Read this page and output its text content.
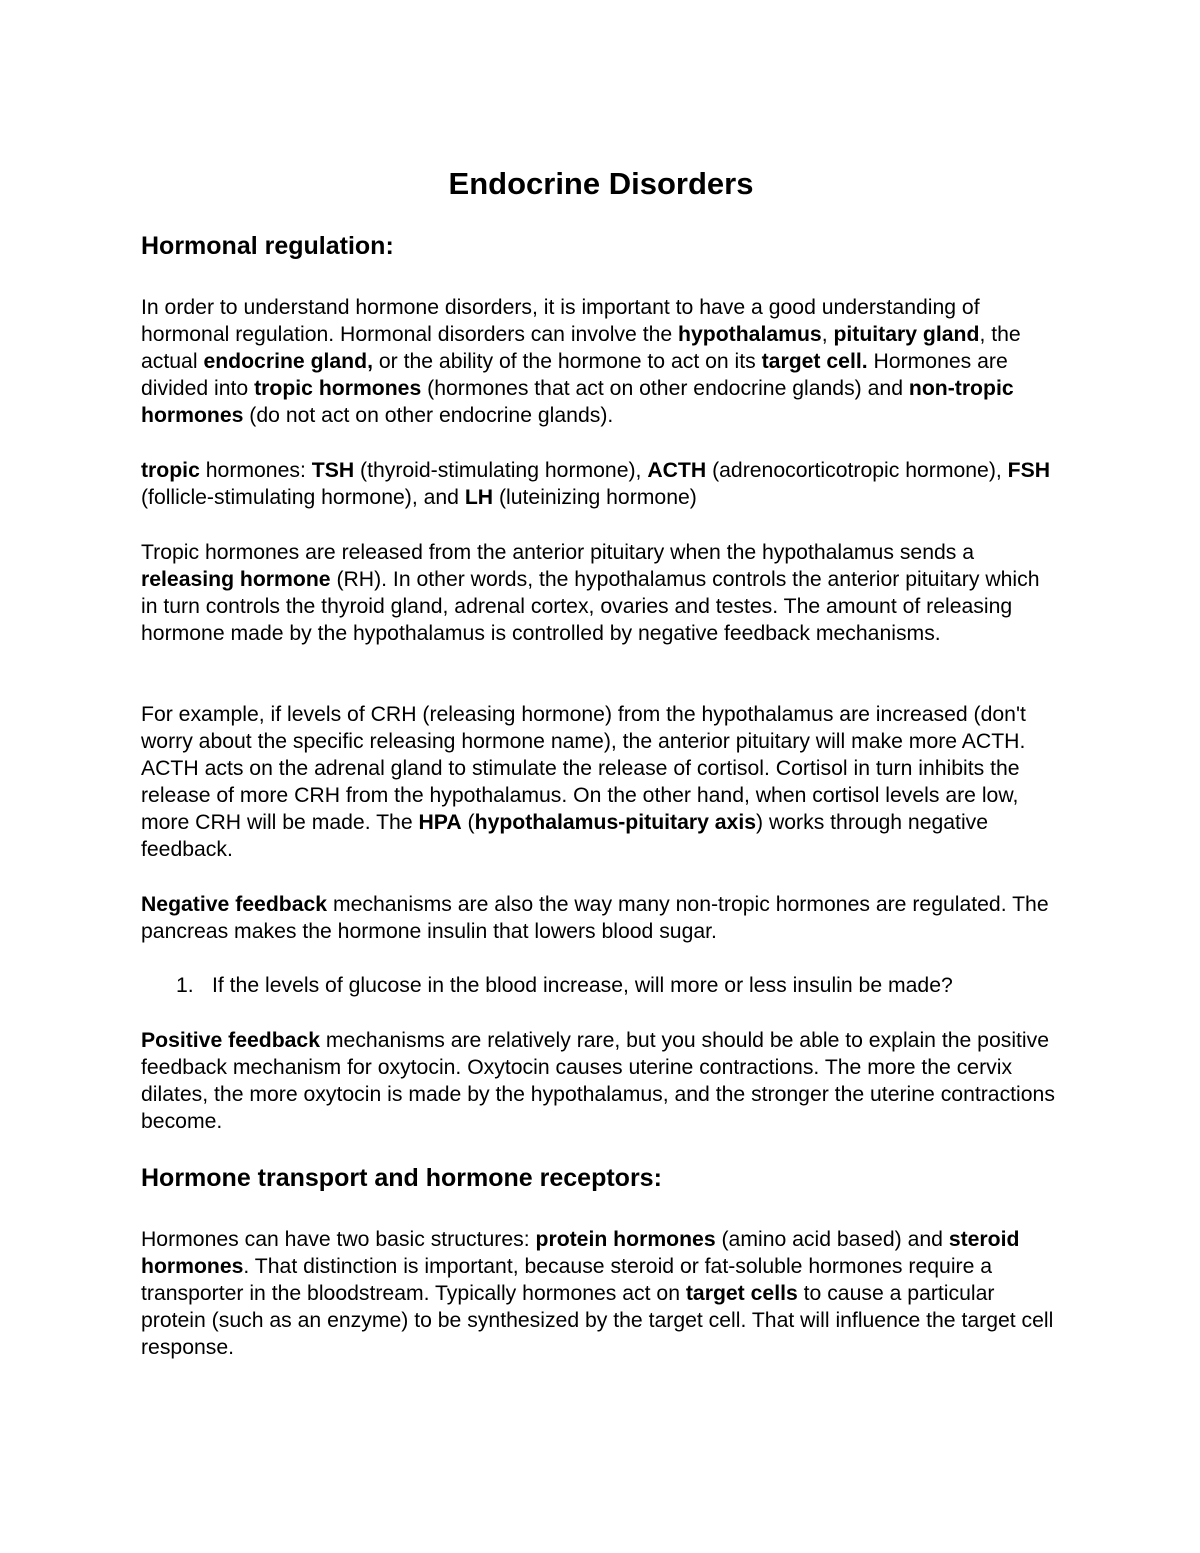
Endocrine Disorders
Hormonal regulation:

In order to understand hormone disorders, it is important to have a good understanding of hormonal regulation. Hormonal disorders can involve the hypothalamus, pituitary gland, the actual endocrine gland, or the ability of the hormone to act on its target cell. Hormones are divided into tropic hormones (hormones that act on other endocrine glands) and non-tropic hormones (do not act on other endocrine glands).

tropic hormones: TSH (thyroid-stimulating hormone), ACTH (adrenocorticotropic hormone), FSH (follicle-stimulating hormone), and LH (luteinizing hormone)

Tropic hormones are released from the anterior pituitary when the hypothalamus sends a releasing hormone (RH). In other words, the hypothalamus controls the anterior pituitary which in turn controls the thyroid gland, adrenal cortex, ovaries and testes. The amount of releasing hormone made by the hypothalamus is controlled by negative feedback mechanisms.

For example, if levels of CRH (releasing hormone) from the hypothalamus are increased (don't worry about the specific releasing hormone name), the anterior pituitary will make more ACTH. ACTH acts on the adrenal gland to stimulate the release of cortisol. Cortisol in turn inhibits the release of more CRH from the hypothalamus. On the other hand, when cortisol levels are low, more CRH will be made. The HPA (hypothalamus-pituitary axis) works through negative feedback.

Negative feedback mechanisms are also the way many non-tropic hormones are regulated. The pancreas makes the hormone insulin that lowers blood sugar.

1. If the levels of glucose in the blood increase, will more or less insulin be made?

Positive feedback mechanisms are relatively rare, but you should be able to explain the positive feedback mechanism for oxytocin. Oxytocin causes uterine contractions. The more the cervix dilates, the more oxytocin is made by the hypothalamus, and the stronger the uterine contractions become.

Hormone transport and hormone receptors:

Hormones can have two basic structures: protein hormones (amino acid based) and steroid hormones. That distinction is important, because steroid or fat-soluble hormones require a transporter in the bloodstream. Typically hormones act on target cells to cause a particular protein (such as an enzyme) to be synthesized by the target cell. That will influence the target cell response.
